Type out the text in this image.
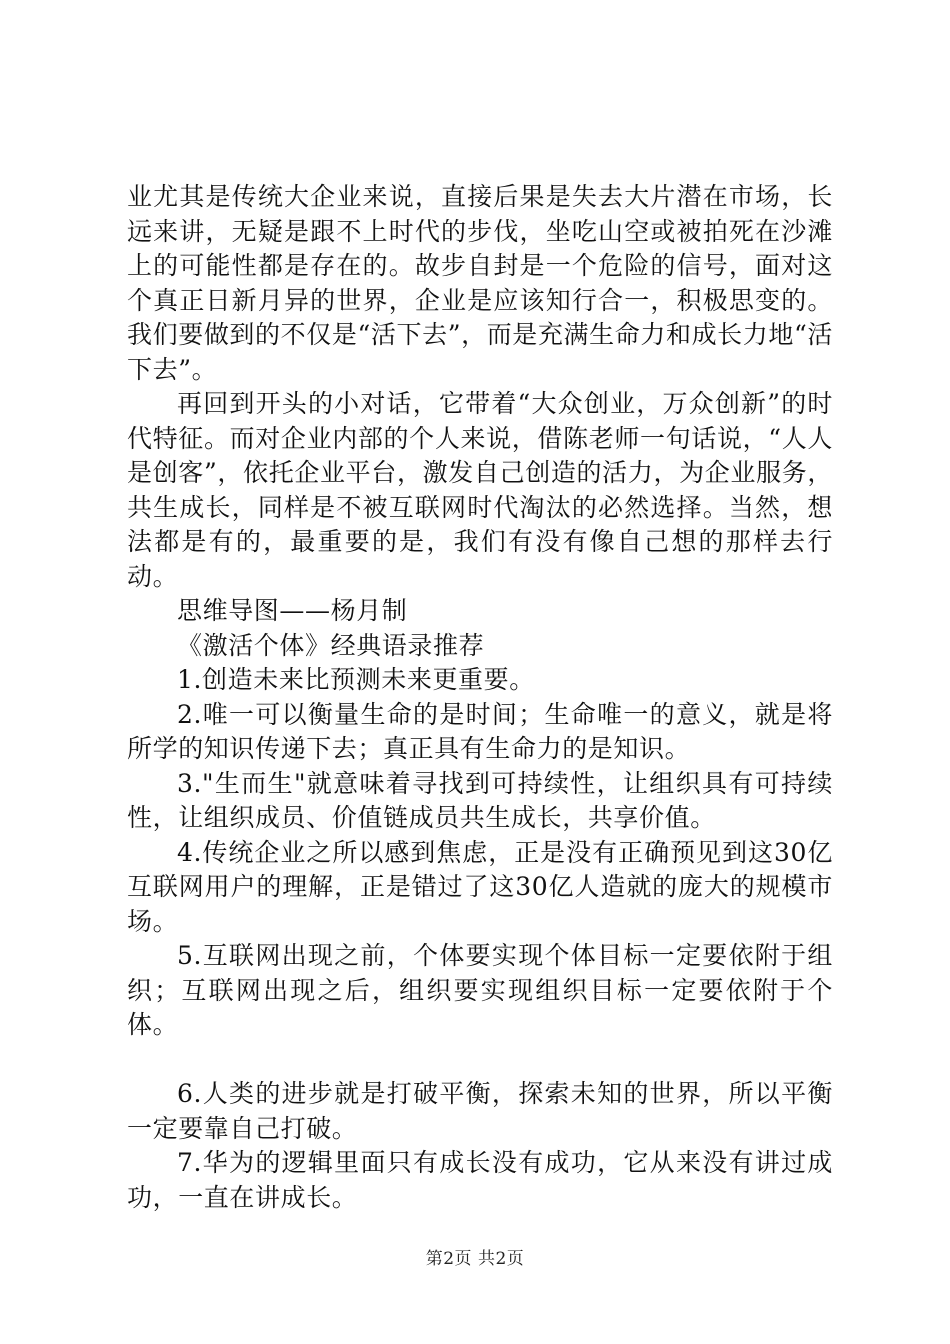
业尤其是传统大企业来说，直接后果是失去大片潜在市场，长远来讲，无疑是跟不上时代的步伐，坐吃山空或被拍死在沙滩上的可能性都是存在的。故步自封是一个危险的信号，面对这个真正日新月异的世界，企业是应该知行合一，积极思变的。我们要做到的不仅是“活下去”，而是充满生命力和成长力地“活下去”。

再回到开头的小对话，它带着“大众创业，万众创新”的时代特征。而对企业内部的个人来说，借陈老师一句话说，“人人是创客”，依托企业平台，激发自己创造的活力，为企业服务，共生成长，同样是不被互联网时代淘汰的必然选择。当然，想法都是有的，最重要的是，我们有没有像自己想的那样去行动。

思维导图——杨月制

《激活个体》经典语录推荐

1.创造未来比预测未来更重要。

2.唯一可以衡量生命的是时间；生命唯一的意义，就是将所学的知识传递下去；真正具有生命力的是知识。

3."生而生"就意味着寻找到可持续性，让组织具有可持续性，让组织成员、价值链成员共生成长，共享价值。

4.传统企业之所以感到焦虑，正是没有正确预见到这30亿互联网用户的理解，正是错过了这30亿人造就的庞大的规模市场。

5.互联网出现之前，个体要实现个体目标一定要依附于组织；互联网出现之后，组织要实现组织目标一定要依附于个体。

6.人类的进步就是打破平衡，探索未知的世界，所以平衡一定要靠自己打破。

7.华为的逻辑里面只有成长没有成功，它从来没有讲过成功，一直在讲成长。

第2页 共2页
